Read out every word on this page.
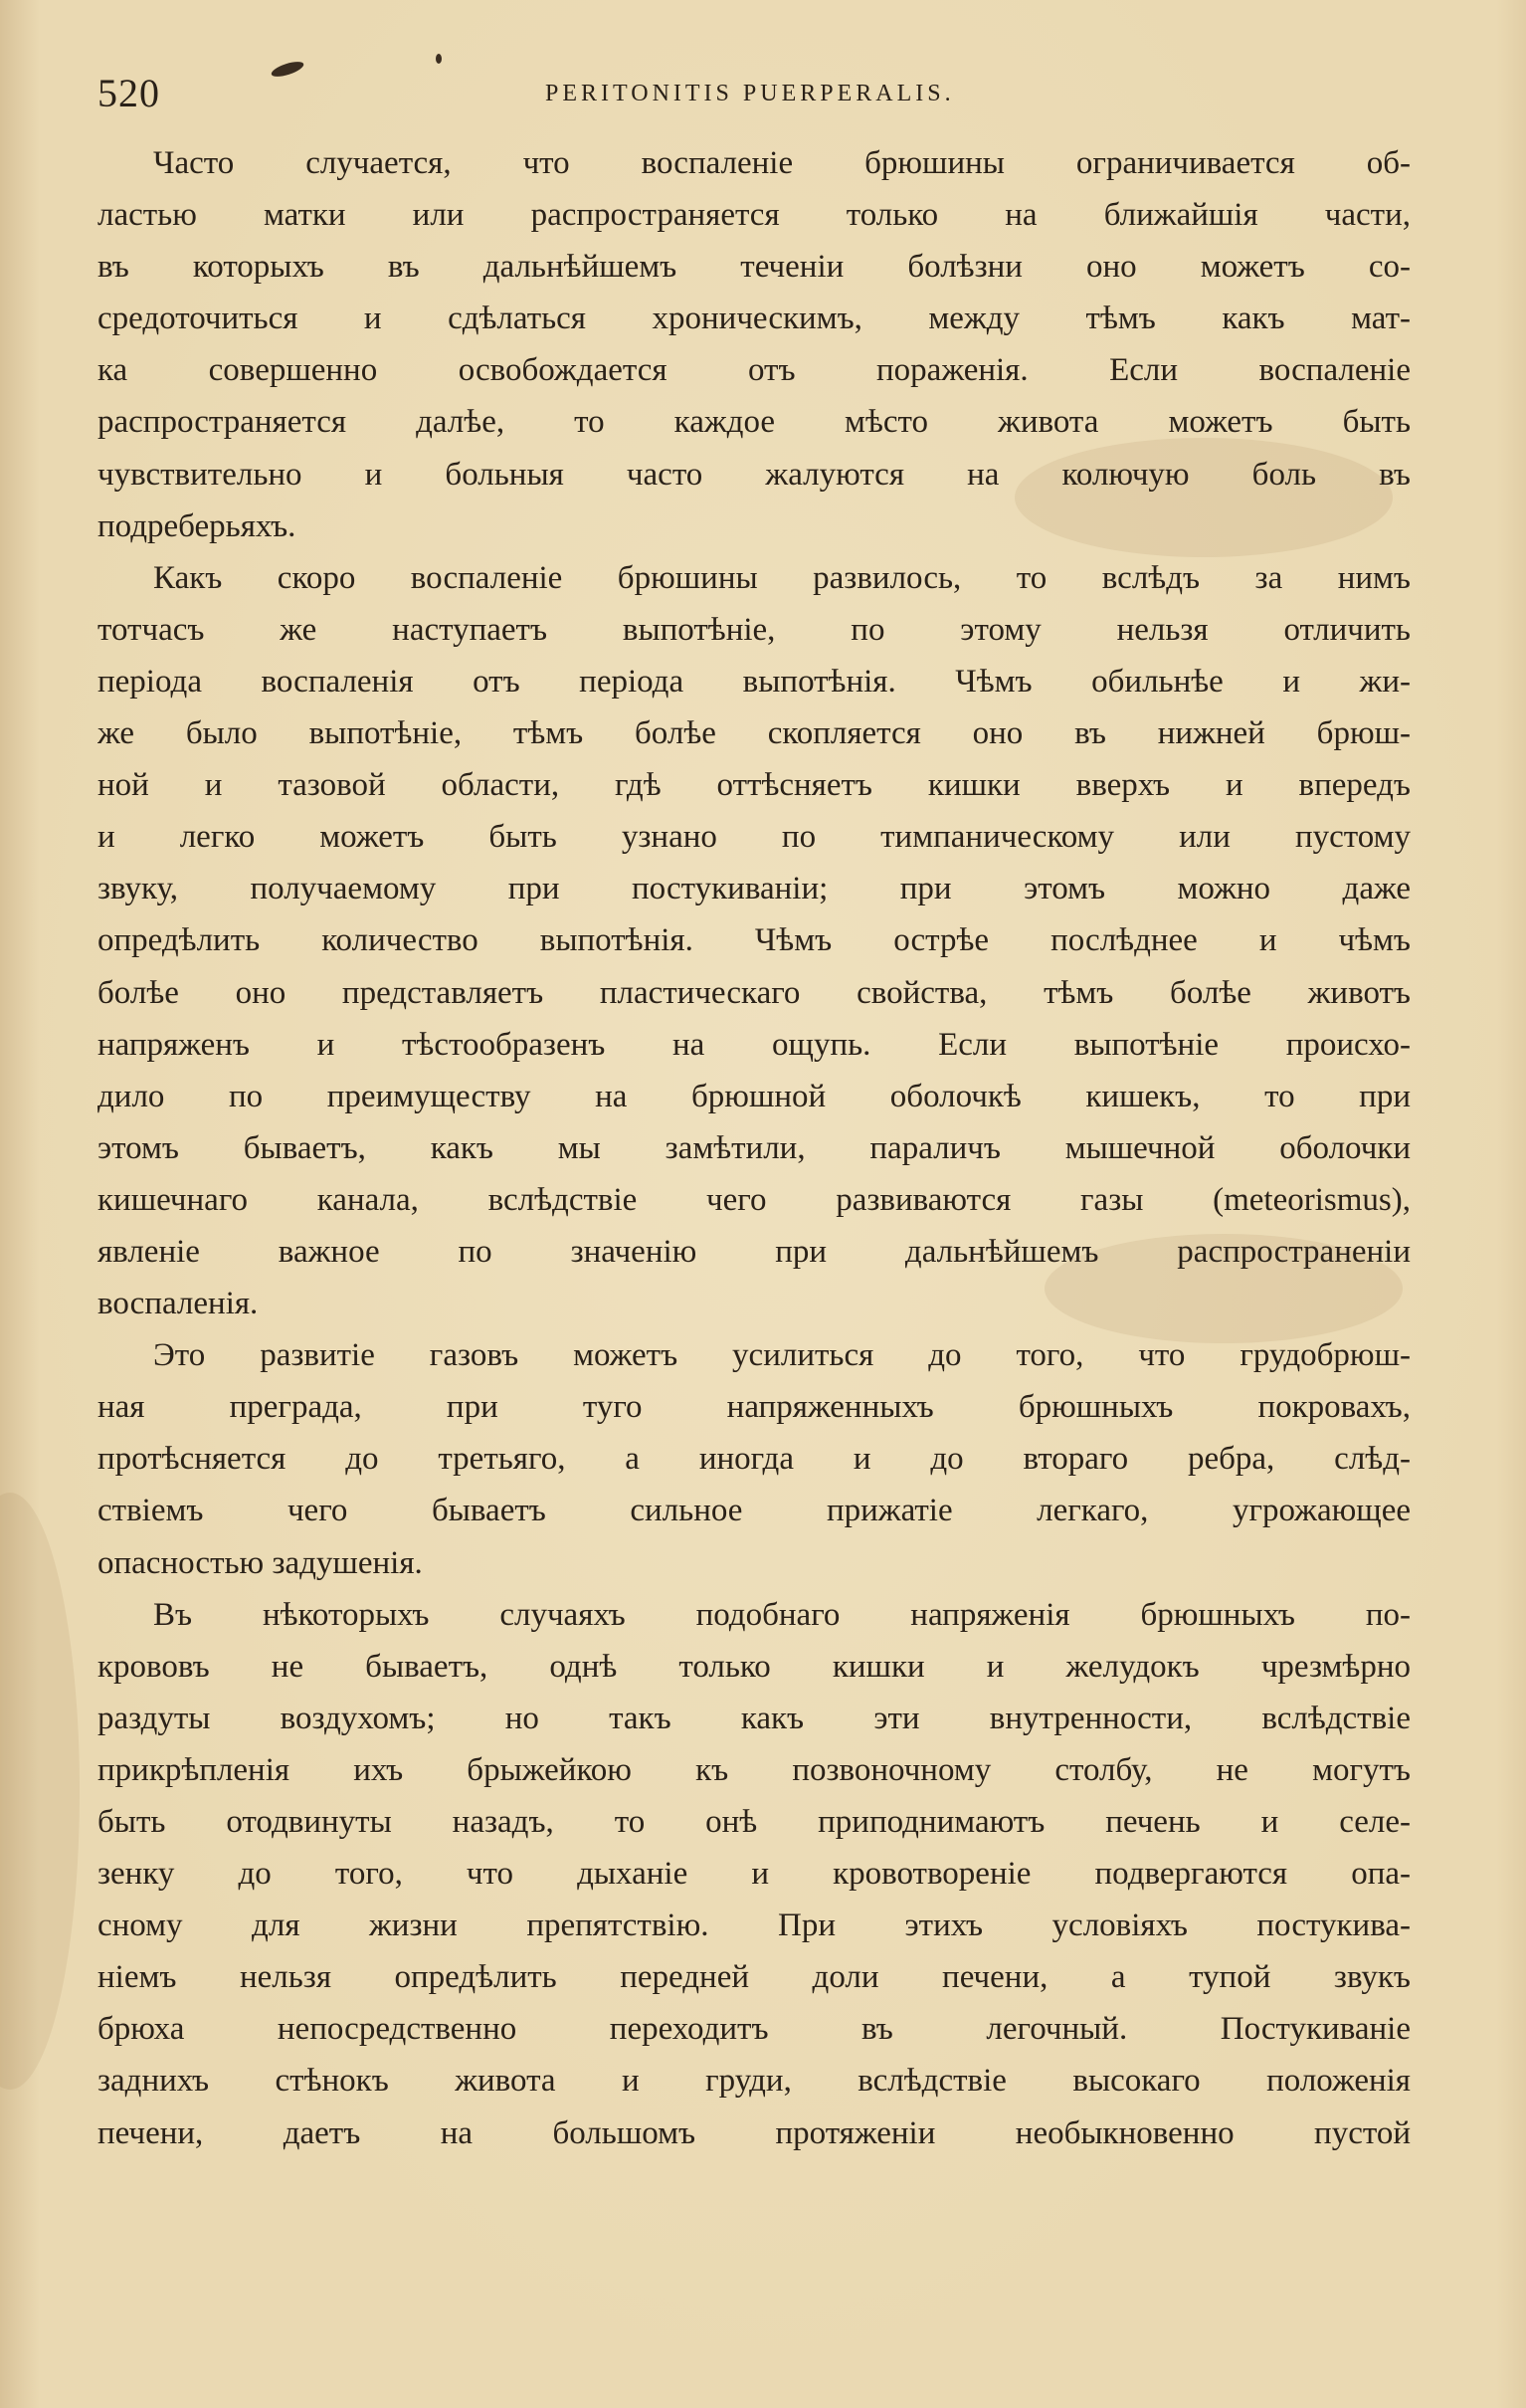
520	PERITONITIS PUERPERALIS.

Часто случается, что воспаленіе брюшины ограничивается об-
ластью матки или распространяется только на ближайшія части,
въ которыхъ въ дальнѣйшемъ теченіи болѣзни оно можетъ со-
средоточиться и сдѣлаться хроническимъ, между тѣмъ какъ мат-
ка совершенно освобождается отъ пораженія. Если воспаленіе
распространяется далѣе, то каждое мѣсто живота можетъ быть
чувствительно и больныя часто жалуются на колючую боль въ
подреберьяхъ.

Какъ скоро воспаленіе брюшины развилось, то вслѣдъ за нимъ
тотчасъ же наступаетъ выпотѣніе, по этому нельзя отличить
періода воспаленія отъ періода выпотѣнія. Чѣмъ обильнѣе и жи-
же было выпотѣніе, тѣмъ болѣе скопляется оно въ нижней брюш-
ной и тазовой области, гдѣ оттѣсняетъ кишки вверхъ и впередъ
и легко можетъ быть узнано по тимпаническому или пустому
звуку, получаемому при постукиваніи; при этомъ можно даже
опредѣлить количество выпотѣнія. Чѣмъ острѣе послѣднее и чѣмъ
болѣе оно представляетъ пластическаго свойства, тѣмъ болѣе животъ
напряженъ и тѣстообразенъ на ощупь. Если выпотѣніе происхо-
дило по преимуществу на брюшной оболочкѣ кишекъ, то при
этомъ бываетъ, какъ мы замѣтили, параличъ мышечной оболочки
кишечнаго канала, вслѣдствіе чего развиваются газы (meteorismus),
явленіе важное по значенію при дальнѣйшемъ распространеніи
воспаленія.

Это развитіе газовъ можетъ усилиться до того, что грудобрюш-
ная преграда, при туго напряженныхъ брюшныхъ покровахъ,
протѣсняется до третьяго, а иногда и до втораго ребра, слѣд-
ствіемъ чего бываетъ сильное прижатіе легкаго, угрожающее
опасностью задушенія.

Въ нѣкоторыхъ случаяхъ подобнаго напряженія брюшныхъ по-
крововъ не бываетъ, однѣ только кишки и желудокъ чрезмѣрно
раздуты воздухомъ; но такъ какъ эти внутренности, вслѣдствіе
прикрѣпленія ихъ брыжейкою къ позвоночному столбу, не могутъ
быть отодвинуты назадъ, то онѣ приподнимаютъ печень и селе-
зенку до того, что дыханіе и кровотвореніе подвергаются опа-
сному для жизни препятствію. При этихъ условіяхъ постукива-
ніемъ нельзя опредѣлить передней доли печени, а тупой звукъ
брюха непосредственно переходитъ въ легочный. Постукиваніе
заднихъ стѣнокъ живота и груди, вслѣдствіе высокаго положенія
печени, даетъ на большомъ протяженіи необыкновенно пустой
